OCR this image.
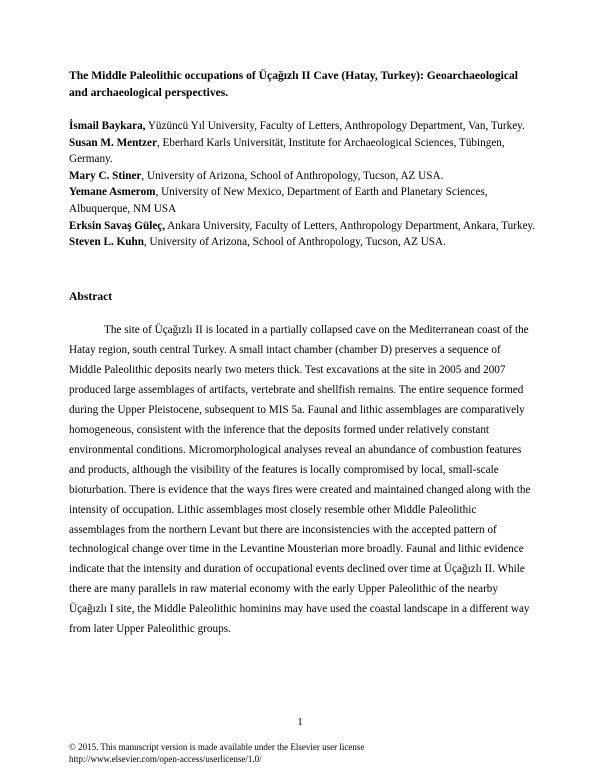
The Middle Paleolithic occupations of Üçağızlı II Cave (Hatay, Turkey): Geoarchaeological and archaeological perspectives.

İsmail Baykara, Yüzüncü Yıl University, Faculty of Letters, Anthropology Department, Van, Turkey.

Susan M. Mentzer, Eberhard Karls Universität, Institute for Archaeological Sciences, Tübingen, Germany.

Mary C. Stiner, University of Arizona, School of Anthropology, Tucson, AZ USA.

Yemane Asmerom, University of New Mexico, Department of Earth and Planetary Sciences, Albuquerque, NM USA

Erksin Savaş Güleç, Ankara University, Faculty of Letters, Anthropology Department, Ankara, Turkey.

Steven L. Kuhn, University of Arizona, School of Anthropology, Tucson, AZ USA.

Abstract

The site of Üçağızlı II is located in a partially collapsed cave on the Mediterranean coast of the Hatay region, south central Turkey. A small intact chamber (chamber D) preserves a sequence of Middle Paleolithic deposits nearly two meters thick. Test excavations at the site in 2005 and 2007 produced large assemblages of artifacts, vertebrate and shellfish remains. The entire sequence formed during the Upper Pleistocene, subsequent to MIS 5a. Faunal and lithic assemblages are comparatively homogeneous, consistent with the inference that the deposits formed under relatively constant environmental conditions. Micromorphological analyses reveal an abundance of combustion features and products, although the visibility of the features is locally compromised by local, small-scale bioturbation. There is evidence that the ways fires were created and maintained changed along with the intensity of occupation. Lithic assemblages most closely resemble other Middle Paleolithic assemblages from the northern Levant but there are inconsistencies with the accepted pattern of technological change over time in the Levantine Mousterian more broadly. Faunal and lithic evidence indicate that the intensity and duration of occupational events declined over time at Üçağızlı II. While there are many parallels in raw material economy with the early Upper Paleolithic of the nearby Üçağızlı I site, the Middle Paleolithic hominins may have used the coastal landscape in a different way from later Upper Paleolithic groups.

1
© 2015. This manuscript version is made available under the Elsevier user license
http://www.elsevier.com/open-access/userlicense/1.0/
